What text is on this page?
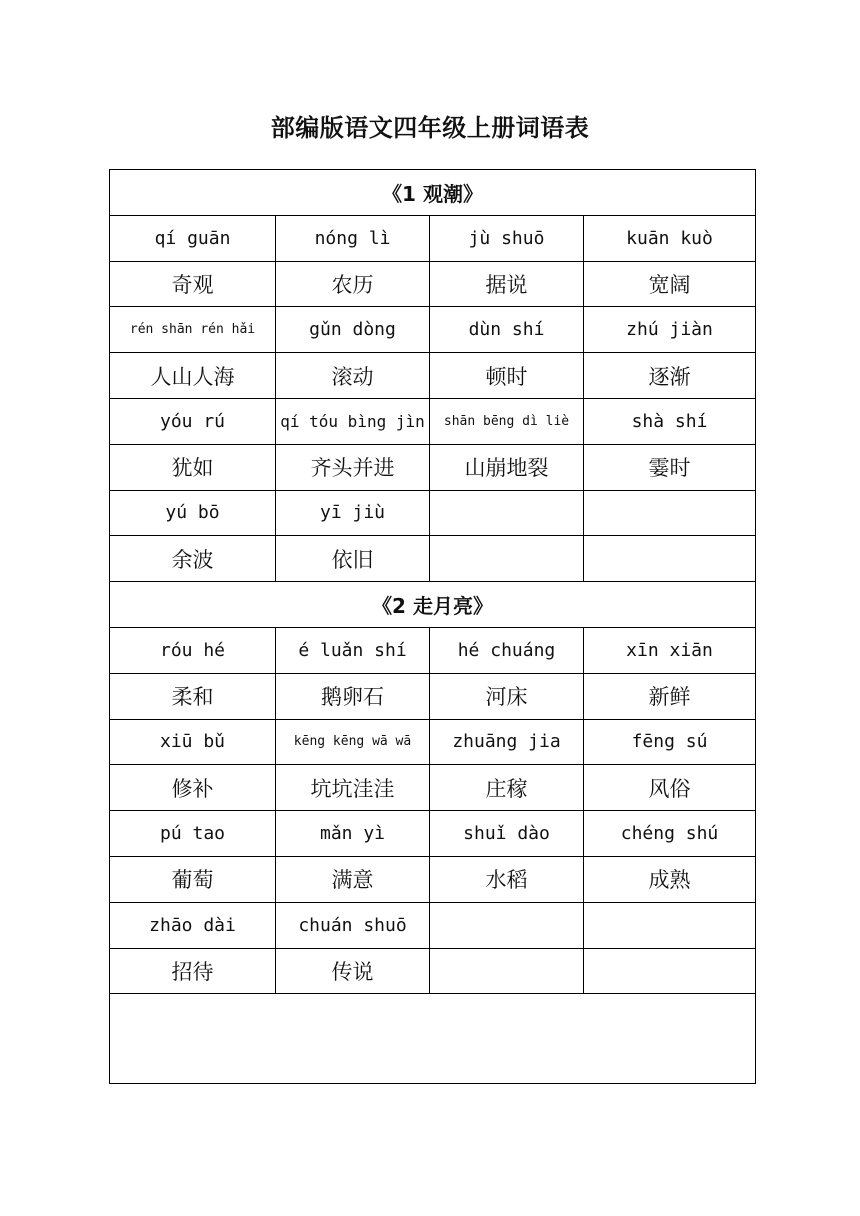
部编版语文四年级上册词语表
《1 观潮》			
qí guān	nóng lì	jù shuō	kuān kuò
奇观	农历	据说	宽阔
rén shān rén hǎi	gǔn dòng	dùn shí	zhú jiàn
人山人海	滚动	顿时	逐渐
yóu rú	qí tóu bìng jìn	shān bēng dì liè	shà shí
犹如	齐头并进	山崩地裂	霎时
yú bō	yī jiù		
余波	依旧		
《2 走月亮》			
róu hé	é luǎn shí	hé chuáng	xīn xiān
柔和	鹅卵石	河床	新鲜
xiū bǔ	kēng kēng wā wā	zhuāng jia	fēng sú
修补	坑坑洼洼	庄稼	风俗
pú tao	mǎn yì	shuǐ dào	chéng shú
葡萄	满意	水稻	成熟
zhāo dài	chuán shuō		
招待	传说		
